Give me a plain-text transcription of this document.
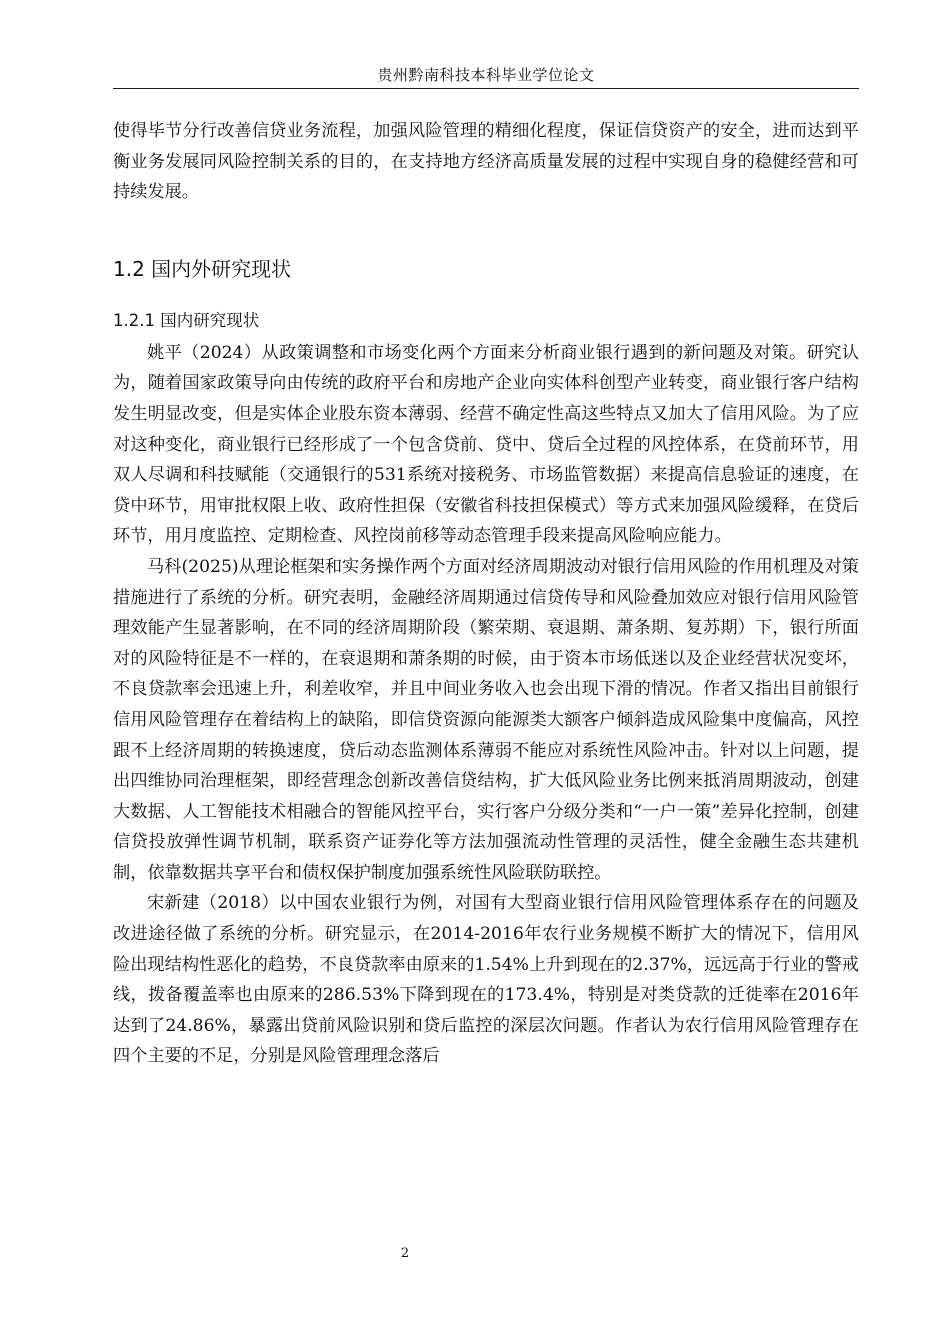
贵州黔南科技本科毕业学位论文

使得毕节分行改善信贷业务流程，加强风险管理的精细化程度，保证信贷资产的安全，进而达到平衡业务发展同风险控制关系的目的，在支持地方经济高质量发展的过程中实现自身的稳健经营和可持续发展。

1.2 国内外研究现状
1.2.1 国内研究现状

姚平（2024）从政策调整和市场变化两个方面来分析商业银行遇到的新问题及对策。研究认为，随着国家政策导向由传统的政府平台和房地产企业向实体科创型产业转变，商业银行客户结构发生明显改变，但是实体企业股东资本薄弱、经营不确定性高这些特点又加大了信用风险。为了应对这种变化，商业银行已经形成了一个包含贷前、贷中、贷后全过程的风控体系，在贷前环节，用双人尽调和科技赋能（交通银行的531系统对接税务、市场监管数据）来提高信息验证的速度，在贷中环节，用审批权限上收、政府性担保（安徽省科技担保模式）等方式来加强风险缓释，在贷后环节，用月度监控、定期检查、风控岗前移等动态管理手段来提高风险响应能力。

马科(2025)从理论框架和实务操作两个方面对经济周期波动对银行信用风险的作用机理及对策措施进行了系统的分析。研究表明，金融经济周期通过信贷传导和风险叠加效应对银行信用风险管理效能产生显著影响，在不同的经济周期阶段（繁荣期、衰退期、萧条期、复苏期）下，银行所面对的风险特征是不一样的，在衰退期和萧条期的时候，由于资本市场低迷以及企业经营状况变坏，不良贷款率会迅速上升，利差收窄，并且中间业务收入也会出现下滑的情况。作者又指出目前银行信用风险管理存在着结构上的缺陷，即信贷资源向能源类大额客户倾斜造成风险集中度偏高，风控跟不上经济周期的转换速度，贷后动态监测体系薄弱不能应对系统性风险冲击。针对以上问题，提出四维协同治理框架，即经营理念创新改善信贷结构，扩大低风险业务比例来抵消周期波动，创建大数据、人工智能技术相融合的智能风控平台，实行客户分级分类和“一户一策”差异化控制，创建信贷投放弹性调节机制，联系资产证券化等方法加强流动性管理的灵活性，健全金融生态共建机制，依靠数据共享平台和债权保护制度加强系统性风险联防联控。

宋新建（2018）以中国农业银行为例，对国有大型商业银行信用风险管理体系存在的问题及改进途径做了系统的分析。研究显示，在2014-2016年农行业务规模不断扩大的情况下，信用风险出现结构性恶化的趋势，不良贷款率由原来的1.54%上升到现在的2.37%，远远高于行业的警戒线，拨备覆盖率也由原来的286.53%下降到现在的173.4%，特别是对类贷款的迁徙率在2016年达到了24.86%，暴露出贷前风险识别和贷后监控的深层次问题。作者认为农行信用风险管理存在四个主要的不足，分别是风险管理理念落后

2
